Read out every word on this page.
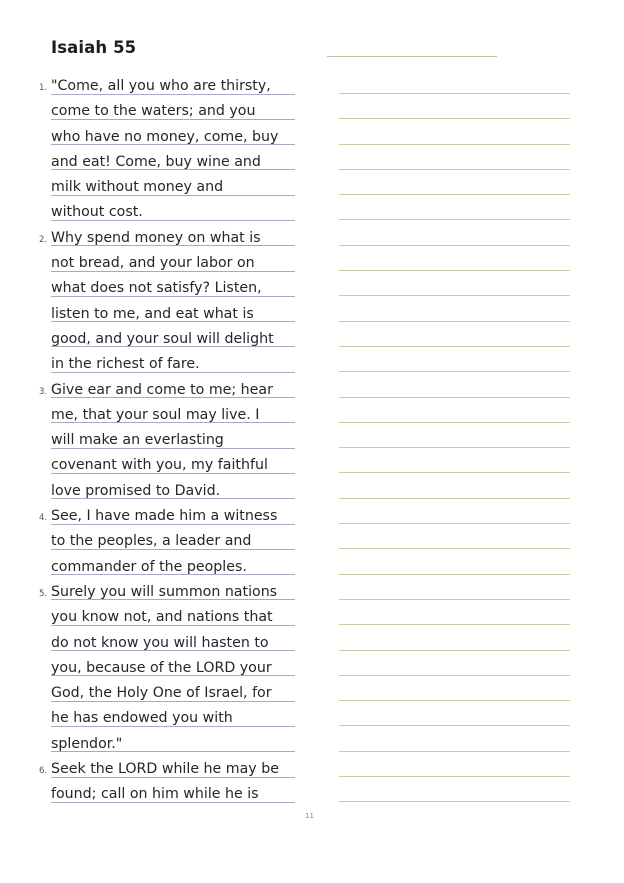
Isaiah 55
1. "Come, all you who are thirsty,
come to the waters; and you
who have no money, come, buy
and eat! Come, buy wine and
milk without money and
without cost.
2. Why spend money on what is
not bread, and your labor on
what does not satisfy? Listen,
listen to me, and eat what is
good, and your soul will delight
in the richest of fare.
3. Give ear and come to me; hear
me, that your soul may live. I
will make an everlasting
covenant with you, my faithful
love promised to David.
4. See, I have made him a witness
to the peoples, a leader and
commander of the peoples.
5. Surely you will summon nations
you know not, and nations that
do not know you will hasten to
you, because of the LORD your
God, the Holy One of Israel, for
he has endowed you with
splendor."
6. Seek the LORD while he may be
found; call on him while he is
11
